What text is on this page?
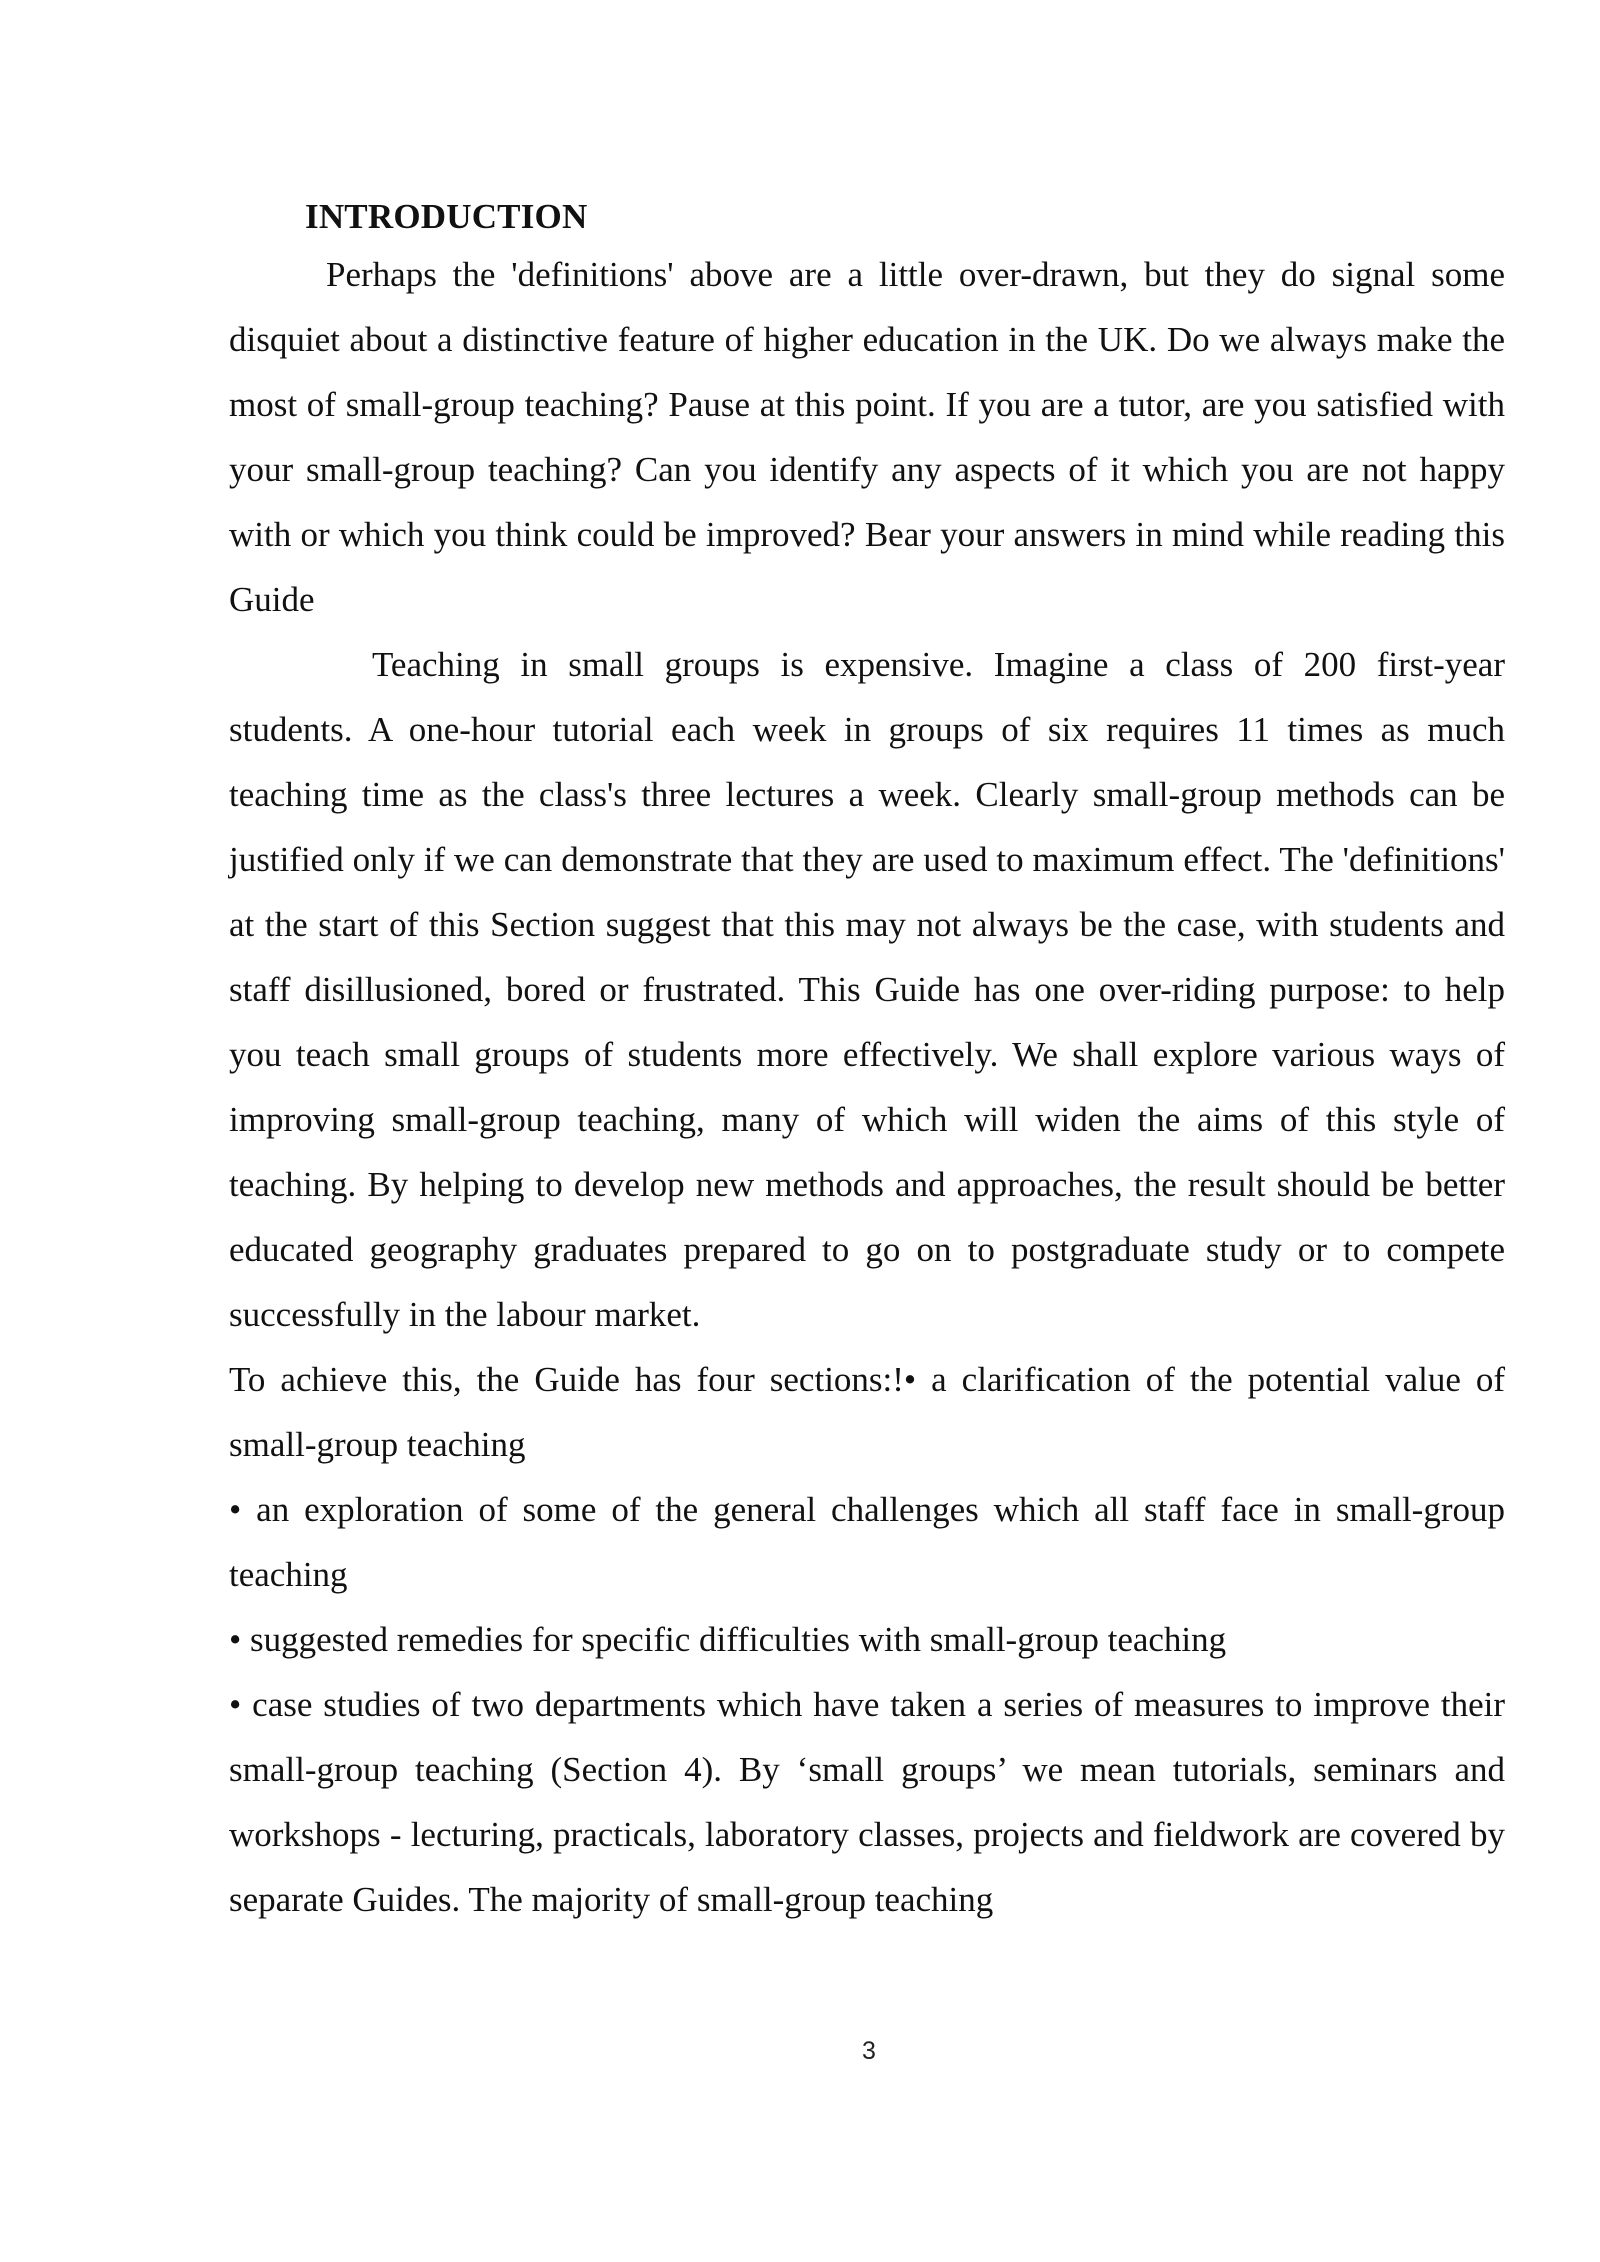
INTRODUCTION

Perhaps the 'definitions' above are a little over-drawn, but they do signal some disquiet about a distinctive feature of higher education in the UK. Do we always make the most of small-group teaching? Pause at this point. If you are a tutor, are you satisfied with your small-group teaching? Can you identify any aspects of it which you are not happy with or which you think could be improved? Bear your answers in mind while reading this Guide

Teaching in small groups is expensive. Imagine a class of 200 first-year students. A one-hour tutorial each week in groups of six requires 11 times as much teaching time as the class's three lectures a week. Clearly small-group methods can be justified only if we can demonstrate that they are used to maximum effect. The 'definitions' at the start of this Section suggest that this may not always be the case, with students and staff disillusioned, bored or frustrated. This Guide has one over-riding purpose: to help you teach small groups of students more effectively. We shall explore various ways of improving small-group teaching, many of which will widen the aims of this style of teaching. By helping to develop new methods and approaches, the result should be better educated geography graduates prepared to go on to postgraduate study or to compete successfully in the labour market.

To achieve this, the Guide has four sections:!• a clarification of the potential value of small-group teaching

• an exploration of some of the general challenges which all staff face in small-group teaching

• suggested remedies for specific difficulties with small-group teaching

• case studies of two departments which have taken a series of measures to improve their small-group teaching (Section 4). By ‘small groups’ we mean tutorials, seminars and workshops - lecturing, practicals, laboratory classes, projects and fieldwork are covered by separate Guides. The majority of small-group teaching

3
